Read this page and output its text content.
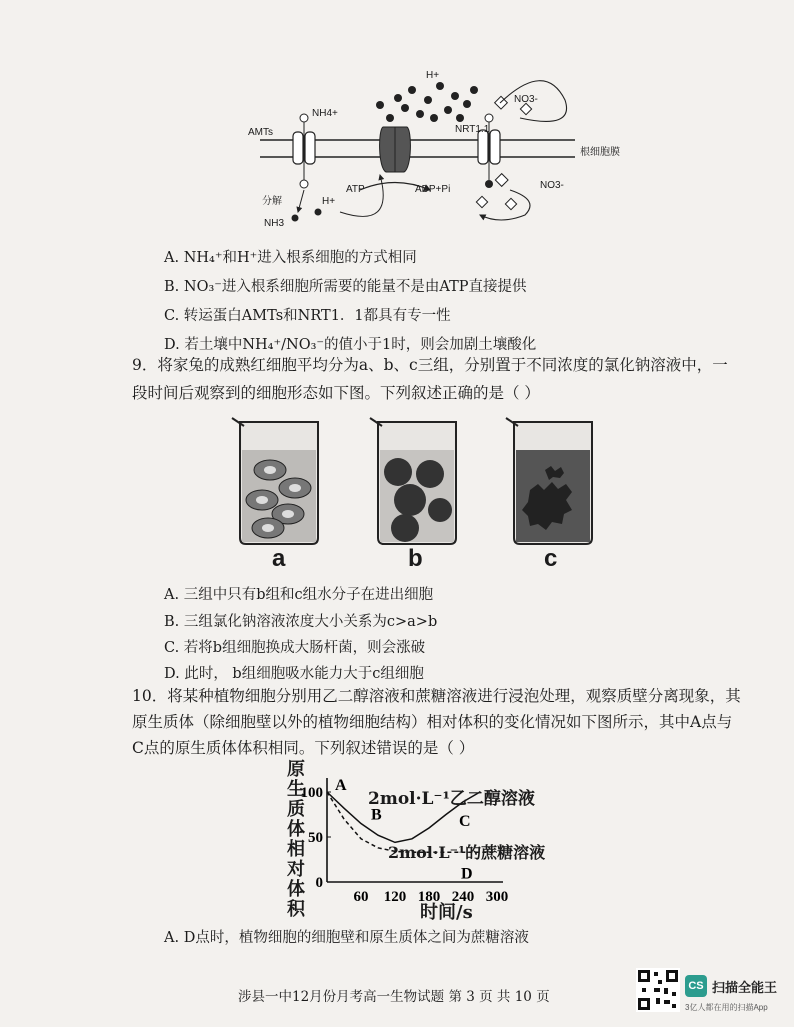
NH4+
AMTs
分解	H+
NH3
ATP	ADP+Pi
H+
NRT1.1
NO3-
NO3-
根细胞膜
A. NH₄⁺和H⁺进入根系细胞的方式相同
B. NO₃⁻进入根系细胞所需要的能量不是由ATP直接提供
C. 转运蛋白AMTs和NRT1．1都具有专一性
D. 若土壤中NH₄⁺/NO₃⁻的值小于1时，则会加剧土壤酸化
9．将家兔的成熟红细胞平均分为a、b、c三组，分别置于不同浓度的氯化钠溶液中，一
段时间后观察到的细胞形态如下图。下列叙述正确的是（ ）
a	b	c
A. 三组中只有b组和c组水分子在进出细胞
B. 三组氯化钠溶液浓度大小关系为c>a>b
C. 若将b组细胞换成大肠杆菌，则会涨破
D. 此时， b组细胞吸水能力大于c组细胞
10．将某种植物细胞分别用乙二醇溶液和蔗糖溶液进行浸泡处理，观察质壁分离现象，其
原生质体（除细胞壁以外的植物细胞结构）相对体积的变化情况如下图所示，其中A点与
C点的原生质体体积相同。下列叙述错误的是（ ）
原生质体相对体积
60 120 180 240 300
0
50
100 A
B	C
D
时间/s
2mol·L⁻¹乙二醇溶液
2mol·L⁻¹的蔗糖溶液
A. D点时，植物细胞的细胞壁和原生质体之间为蔗糖溶液
涉县一中12月份月考高一生物试题 第 3 页 共 10 页
CS 扫描全能王
3亿人都在用的扫描App
